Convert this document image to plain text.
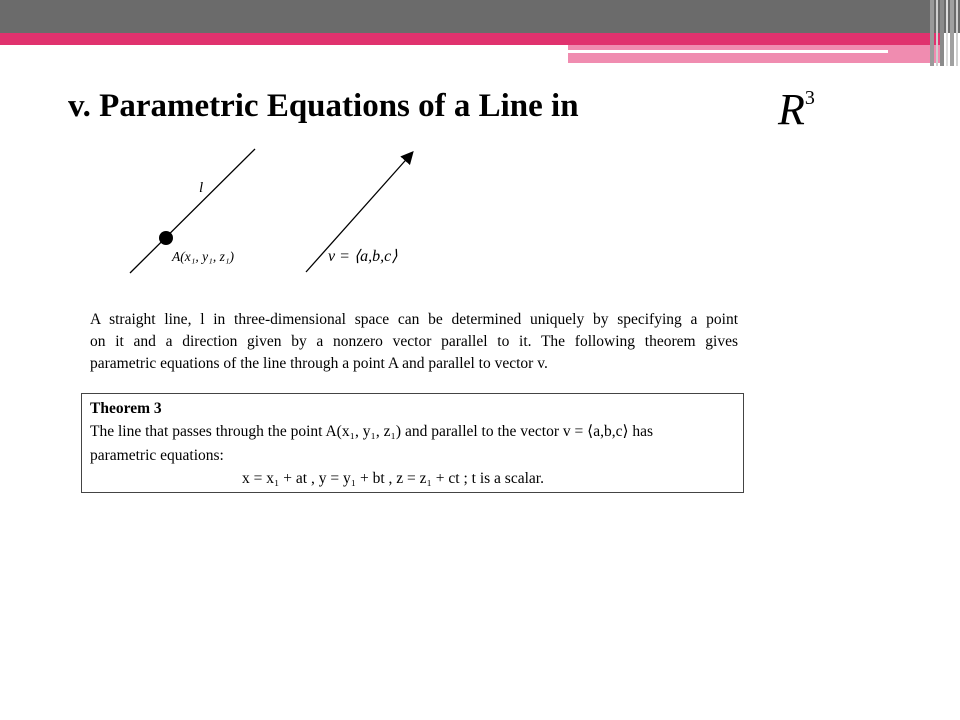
v. Parametric Equations of a Line in	$R^3$
l
A(x₁, y₁, z₁)	v = ⟨a,b,c⟩
A straight line, l in three-dimensional space can be determined uniquely by specifying a point
on it and a direction given by a nonzero vector parallel to it. The following theorem gives
parametric equations of the line through a point A and parallel to vector v.
Theorem 3
The line that passes through the point A(x₁, y₁, z₁) and parallel to the vector v = ⟨a,b,c⟩ has
parametric equations:
x = x₁ + at , y = y₁ + bt , z = z₁ + ct ; t is a scalar.
